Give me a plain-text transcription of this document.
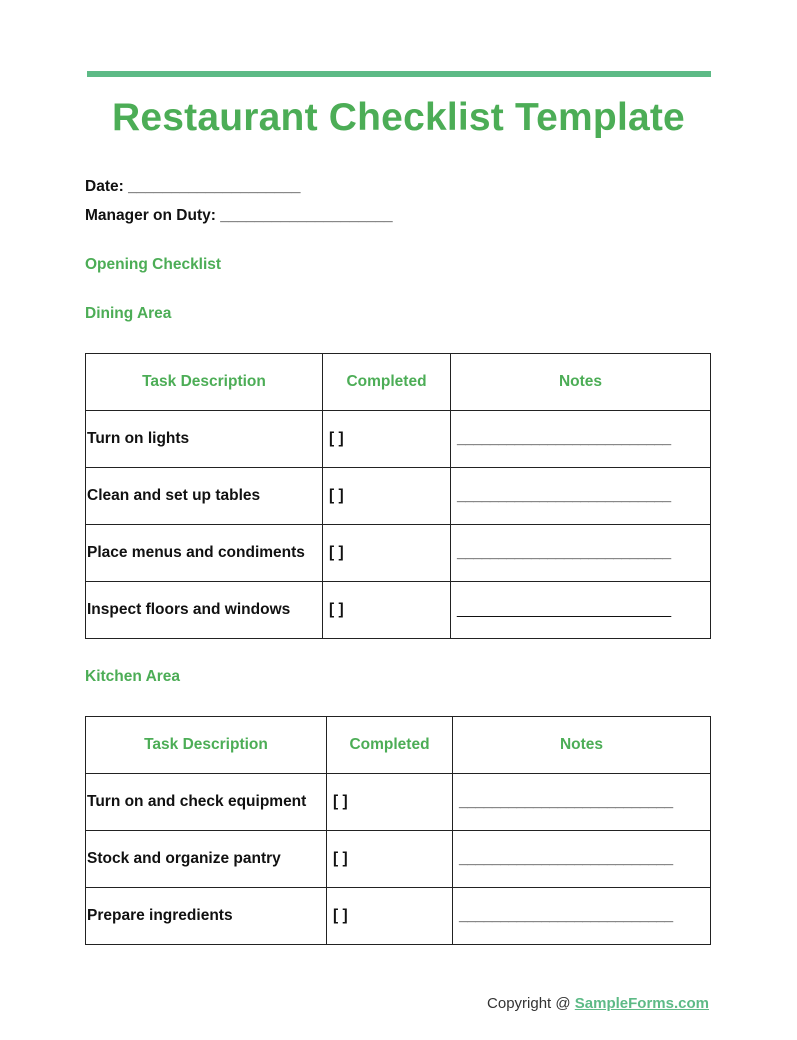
Restaurant Checklist Template
Date: ____________________
Manager on Duty: ____________________
Opening Checklist
Dining Area
Task Description	Completed	Notes
Turn on lights	[ ]	__________________________
Clean and set up tables	[ ]	__________________________
Place menus and condiments	[ ]	__________________________
Inspect floors and windows	[ ]	__________________________
Kitchen Area
Task Description	Completed	Notes
Turn on and check equipment	[ ]	__________________________
Stock and organize pantry	[ ]	__________________________
Prepare ingredients	[ ]	__________________________
Copyright @ SampleForms.com
